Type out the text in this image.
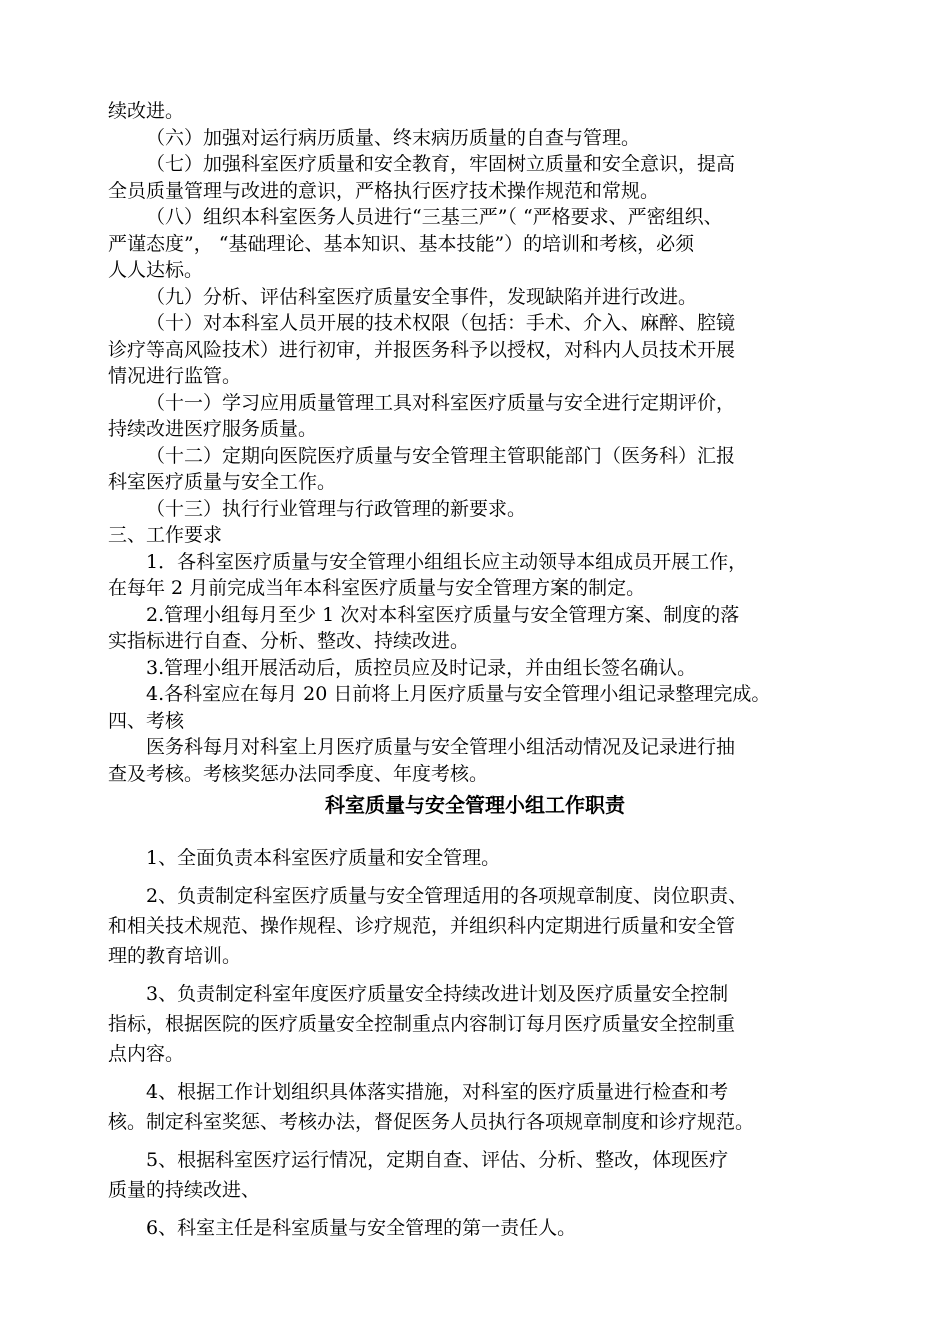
续改进。
（六）加强对运行病历质量、终末病历质量的自查与管理。
（七）加强科室医疗质量和安全教育，牢固树立质量和安全意识，提高
全员质量管理与改进的意识，严格执行医疗技术操作规范和常规。
（八）组织本科室医务人员进行“三基三严”（ “严格要求、严密组织、
严谨态度”， “基础理论、基本知识、基本技能”）的培训和考核，必须
人人达标。
（九）分析、评估科室医疗质量安全事件，发现缺陷并进行改进。
（十）对本科室人员开展的技术权限（包括：手术、介入、麻醉、腔镜
诊疗等高风险技术）进行初审，并报医务科予以授权，对科内人员技术开展
情况进行监管。
（十一）学习应用质量管理工具对科室医疗质量与安全进行定期评价，
持续改进医疗服务质量。
（十二）定期向医院医疗质量与安全管理主管职能部门（医务科）汇报
科室医疗质量与安全工作。
（十三）执行行业管理与行政管理的新要求。
三、工作要求
1．各科室医疗质量与安全管理小组组长应主动领导本组成员开展工作，
在每年 2 月前完成当年本科室医疗质量与安全管理方案的制定。
2.管理小组每月至少 1 次对本科室医疗质量与安全管理方案、制度的落
实指标进行自查、分析、整改、持续改进。
3.管理小组开展活动后，质控员应及时记录，并由组长签名确认。
4.各科室应在每月 20 日前将上月医疗质量与安全管理小组记录整理完成。
四、考核
医务科每月对科室上月医疗质量与安全管理小组活动情况及记录进行抽
查及考核。考核奖惩办法同季度、年度考核。
科室质量与安全管理小组工作职责
1、全面负责本科室医疗质量和安全管理。
2、负责制定科室医疗质量与安全管理适用的各项规章制度、岗位职责、
和相关技术规范、操作规程、诊疗规范，并组织科内定期进行质量和安全管
理的教育培训。
3、负责制定科室年度医疗质量安全持续改进计划及医疗质量安全控制
指标，根据医院的医疗质量安全控制重点内容制订每月医疗质量安全控制重
点内容。
4、根据工作计划组织具体落实措施，对科室的医疗质量进行检查和考
核。制定科室奖惩、考核办法，督促医务人员执行各项规章制度和诊疗规范。
5、根据科室医疗运行情况，定期自查、评估、分析、整改，体现医疗
质量的持续改进、
6、科室主任是科室质量与安全管理的第一责任人。
